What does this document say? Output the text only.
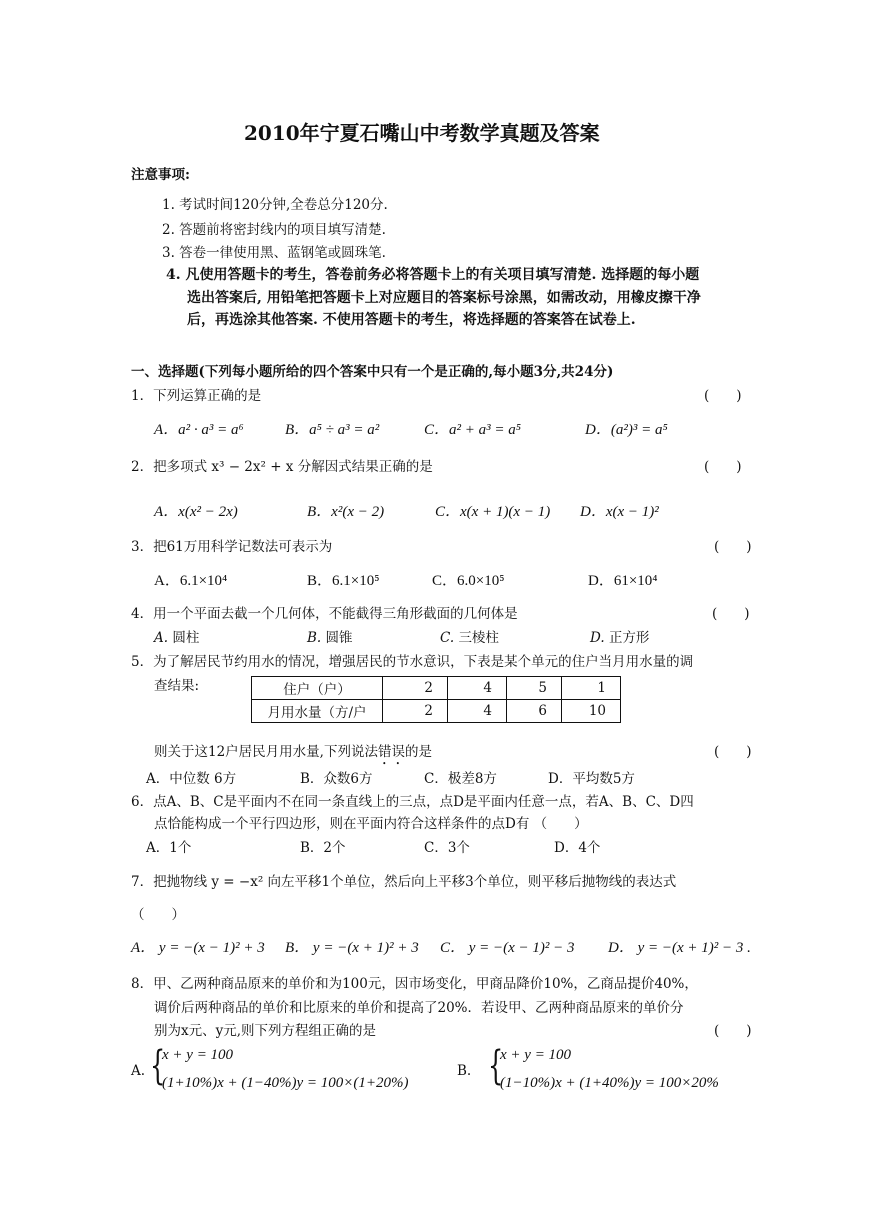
2010年宁夏石嘴山中考数学真题及答案
注意事项:
1. 考试时间120分钟,全卷总分120分.
2. 答题前将密封线内的项目填写清楚.
3. 答卷一律使用黑、蓝钢笔或圆珠笔.
4. 凡使用答题卡的考生，答卷前务必将答题卡上的有关项目填写清楚. 选择题的每小题
选出答案后, 用铅笔把答题卡上对应题目的答案标号涂黑，如需改动，用橡皮擦干净
后，再选涂其他答案. 不使用答题卡的考生，将选择题的答案答在试卷上.
一、选择题(下列每小题所给的四个答案中只有一个是正确的,每小题3分,共24分)
1．下列运算正确的是	(　　)
A．a² · a³ = a⁶	B．a⁵ ÷ a³ = a²	C．a² + a³ = a⁵	D．(a²)³ = a⁵
2．把多项式 x³ − 2x² + x 分解因式结果正确的是	(　　)
A．x(x² − 2x)	B．x²(x − 2)	C．x(x + 1)(x − 1) D．x(x − 1)²
3．把61万用科学记数法可表示为	(　　)
A．6.1×10⁴	B．6.1×10⁵	C．6.0×10⁵	D．61×10⁴
4．用一个平面去截一个几何体，不能截得三角形截面的几何体是	(　　)
A. 圆柱	B. 圆锥	C. 三棱柱	D. 正方形
5．为了解居民节约用水的情况，增强居民的节水意识，下表是某个单元的住户当月用水量的调
查结果:	住户（户）	2	4	5	1
月用水量（方/户	2	4	6	10
则关于这12户居民月用水量,下列说法错误的是	(　　)
A．中位数 6方	B．众数6方	C．极差8方	D．平均数5方
6．点A、B、C是平面内不在同一条直线上的三点，点D是平面内任意一点，若A、B、C、D四
点恰能构成一个平行四边形，则在平面内符合这样条件的点D有 （　　）
A．1个	B．2个	C．3个	D．4个
7．把抛物线 y = −x² 向左平移1个单位，然后向上平移3个单位，则平移后抛物线的表达式
（　　）
A． y = −(x − 1)² + 3 B． y = −(x + 1)² + 3 C． y = −(x − 1)² − 3 D． y = −(x + 1)² − 3 .
8．甲、乙两种商品原来的单价和为100元，因市场变化，甲商品降价10%，乙商品提价40%，
调价后两种商品的单价和比原来的单价和提高了20%．若设甲、乙两种商品原来的单价分
别为x元、y元,则下列方程组正确的是	(　　)
A. {
x + y = 100
(1+10%)x + (1−40%)y = 100×(1+20%)
B. {
x + y = 100
(1−10%)x + (1+40%)y = 100×20%
